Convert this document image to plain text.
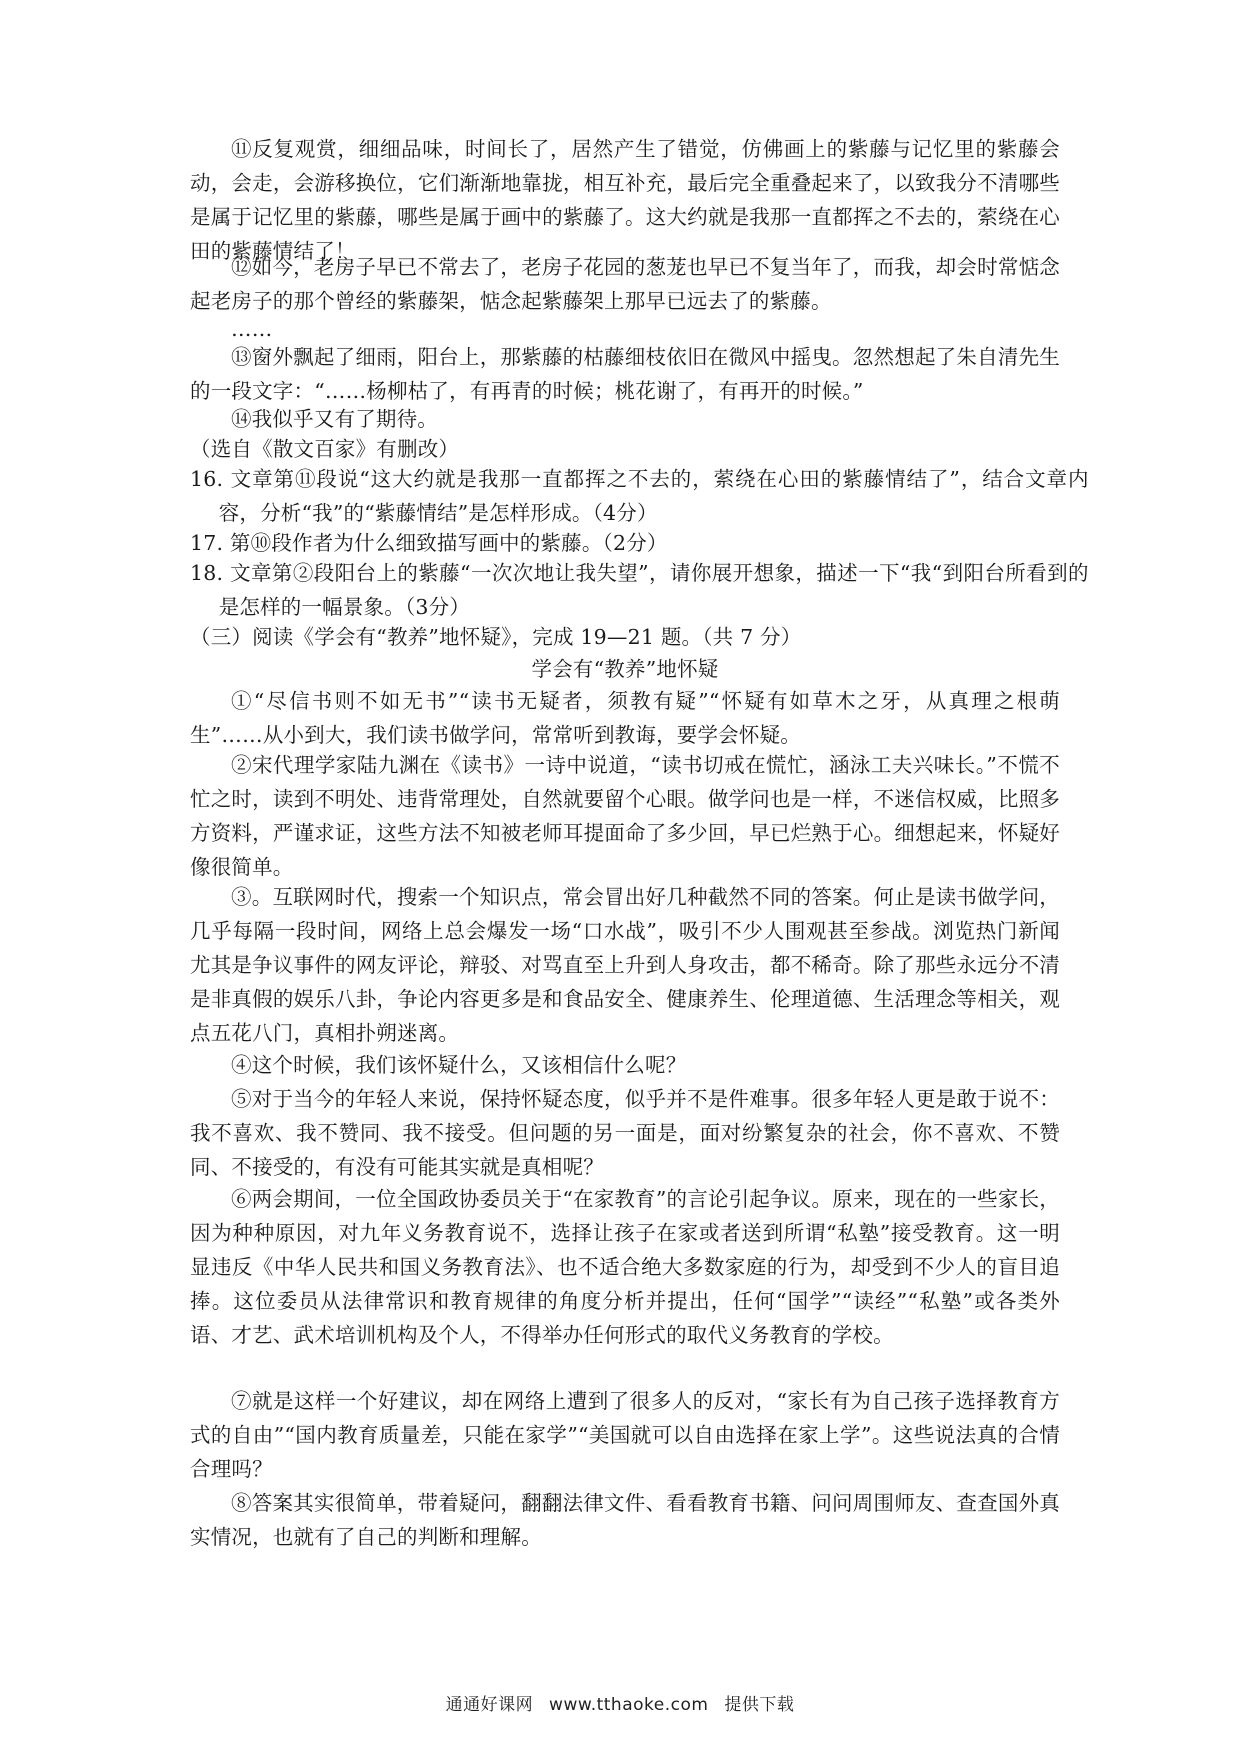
⑪反复观赏，细细品味，时间长了，居然产生了错觉，仿佛画上的紫藤与记忆里的紫藤会动，会走，会游移换位，它们渐渐地靠拢，相互补充，最后完全重叠起来了，以致我分不清哪些是属于记忆里的紫藤，哪些是属于画中的紫藤了。这大约就是我那一直都挥之不去的，萦绕在心田的紫藤情结了！
⑫如今，老房子早已不常去了，老房子花园的葱茏也早已不复当年了，而我，却会时常惦念起老房子的那个曾经的紫藤架，惦念起紫藤架上那早已远去了的紫藤。
……
⑬窗外飘起了细雨，阳台上，那紫藤的枯藤细枝依旧在微风中摇曳。忽然想起了朱自清先生的一段文字：“……杨柳枯了，有再青的时候；桃花谢了，有再开的时候。”
⑭我似乎又有了期待。
（选自《散文百家》有删改）
16. 文章第⑪段说“这大约就是我那一直都挥之不去的，萦绕在心田的紫藤情结了”，结合文章内容，分析“我”的“紫藤情结”是怎样形成。（4分）
17. 第⑩段作者为什么细致描写画中的紫藤。（2分）
18. 文章第②段阳台上的紫藤“一次次地让我失望”，请你展开想象，描述一下“我“到阳台所看到的是怎样的一幅景象。（3分）
（三）阅读《学会有“教养”地怀疑》，完成 19—21 题。（共 7 分）
学会有“教养”地怀疑
①“尽信书则不如无书”“读书无疑者，须教有疑”“怀疑有如草木之牙，从真理之根萌生”……从小到大，我们读书做学问，常常听到教诲，要学会怀疑。
②宋代理学家陆九渊在《读书》一诗中说道，“读书切戒在慌忙，涵泳工夫兴味长。”不慌不忙之时，读到不明处、违背常理处，自然就要留个心眼。做学问也是一样，不迷信权威，比照多方资料，严谨求证，这些方法不知被老师耳提面命了多少回，早已烂熟于心。细想起来，怀疑好像很简单。
③。互联网时代，搜索一个知识点，常会冒出好几种截然不同的答案。何止是读书做学问，几乎每隔一段时间，网络上总会爆发一场“口水战”，吸引不少人围观甚至参战。浏览热门新闻尤其是争议事件的网友评论，辩驳、对骂直至上升到人身攻击，都不稀奇。除了那些永远分不清是非真假的娱乐八卦，争论内容更多是和食品安全、健康养生、伦理道德、生活理念等相关，观点五花八门，真相扑朔迷离。
④这个时候，我们该怀疑什么，又该相信什么呢？
⑤对于当今的年轻人来说，保持怀疑态度，似乎并不是件难事。很多年轻人更是敢于说不：我不喜欢、我不赞同、我不接受。但问题的另一面是，面对纷繁复杂的社会，你不喜欢、不赞同、不接受的，有没有可能其实就是真相呢？
⑥两会期间，一位全国政协委员关于“在家教育”的言论引起争议。原来，现在的一些家长，因为种种原因，对九年义务教育说不，选择让孩子在家或者送到所谓“私塾”接受教育。这一明显违反《中华人民共和国义务教育法》、也不适合绝大多数家庭的行为，却受到不少人的盲目追捧。这位委员从法律常识和教育规律的角度分析并提出，任何“国学”“读经”“私塾”或各类外语、才艺、武术培训机构及个人，不得举办任何形式的取代义务教育的学校。
⑦就是这样一个好建议，却在网络上遭到了很多人的反对，“家长有为自己孩子选择教育方式的自由”“国内教育质量差，只能在家学”“美国就可以自由选择在家上学”。这些说法真的合情合理吗？
⑧答案其实很简单，带着疑问，翻翻法律文件、看看教育书籍、问问周围师友、查查国外真实情况，也就有了自己的判断和理解。
通通好课网 www.tthaoke.com 提供下载
